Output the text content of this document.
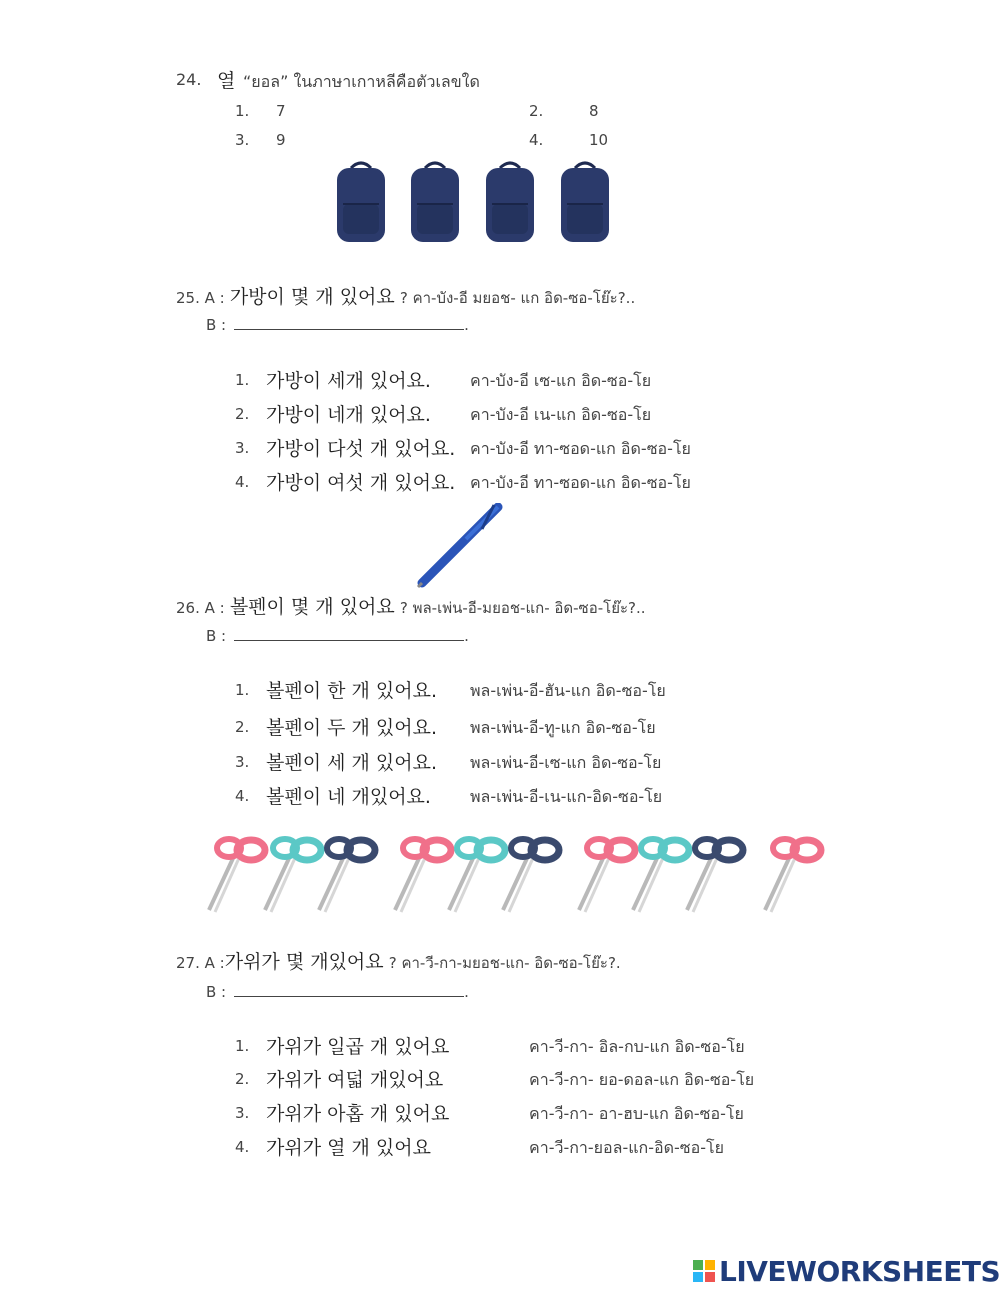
24. 열 “ยอล” ในภาษาเกาหลีคือตัวเลขใด
1. 7	2.	8
3. 9	4.	10
25. A : 가방이 몇 개 있어요 ? คา-บัง-อี มยอช- แก อิด-ซอ-โย๊ะ?..
B :	.
1. 가방이 세개 있어요. คา-บัง-อี เซ-แก อิด-ซอ-โย
2. 가방이 네개 있어요. คา-บัง-อี เน-แก อิด-ซอ-โย
3. 가방이 다섯 개 있어요. คา-บัง-อี ทา-ซอด-แก อิด-ซอ-โย
4. 가방이 여섯 개 있어요. คา-บัง-อี ทา-ซอด-แก อิด-ซอ-โย
26. A : 볼펜이 몇 개 있어요 ? พล-เพ่น-อี-มยอช-แก- อิด-ซอ-โย๊ะ?..
B :	.
1. 볼펜이 한 개 있어요. พล-เพ่น-อี-ฮัน-แก อิด-ซอ-โย
2. 볼펜이 두 개 있어요. พล-เพ่น-อี-ทู-แก อิด-ซอ-โย
3. 볼펜이 세 개 있어요. พล-เพ่น-อี-เซ-แก อิด-ซอ-โย
4. 볼펜이 네 개있어요. พล-เพ่น-อี-เน-แก-อิด-ซอ-โย
27. A :가위가 몇 개있어요 ? คา-วี-กา-มยอช-แก- อิด-ซอ-โย๊ะ?.
B :	.
1. 가위가 일곱 개 있어요	คา-วี-กา- อิล-กบ-แก อิด-ซอ-โย
2. 가위가 여덟 개있어요	คา-วี-กา- ยอ-ดอล-แก อิด-ซอ-โย
3. 가위가 아홉 개 있어요	คา-วี-กา- อา-ฮบ-แก อิด-ซอ-โย
4. 가위가 열 개 있어요	คา-วี-กา-ยอล-แก-อิด-ซอ-โย
LIVEWORKSHEETS
